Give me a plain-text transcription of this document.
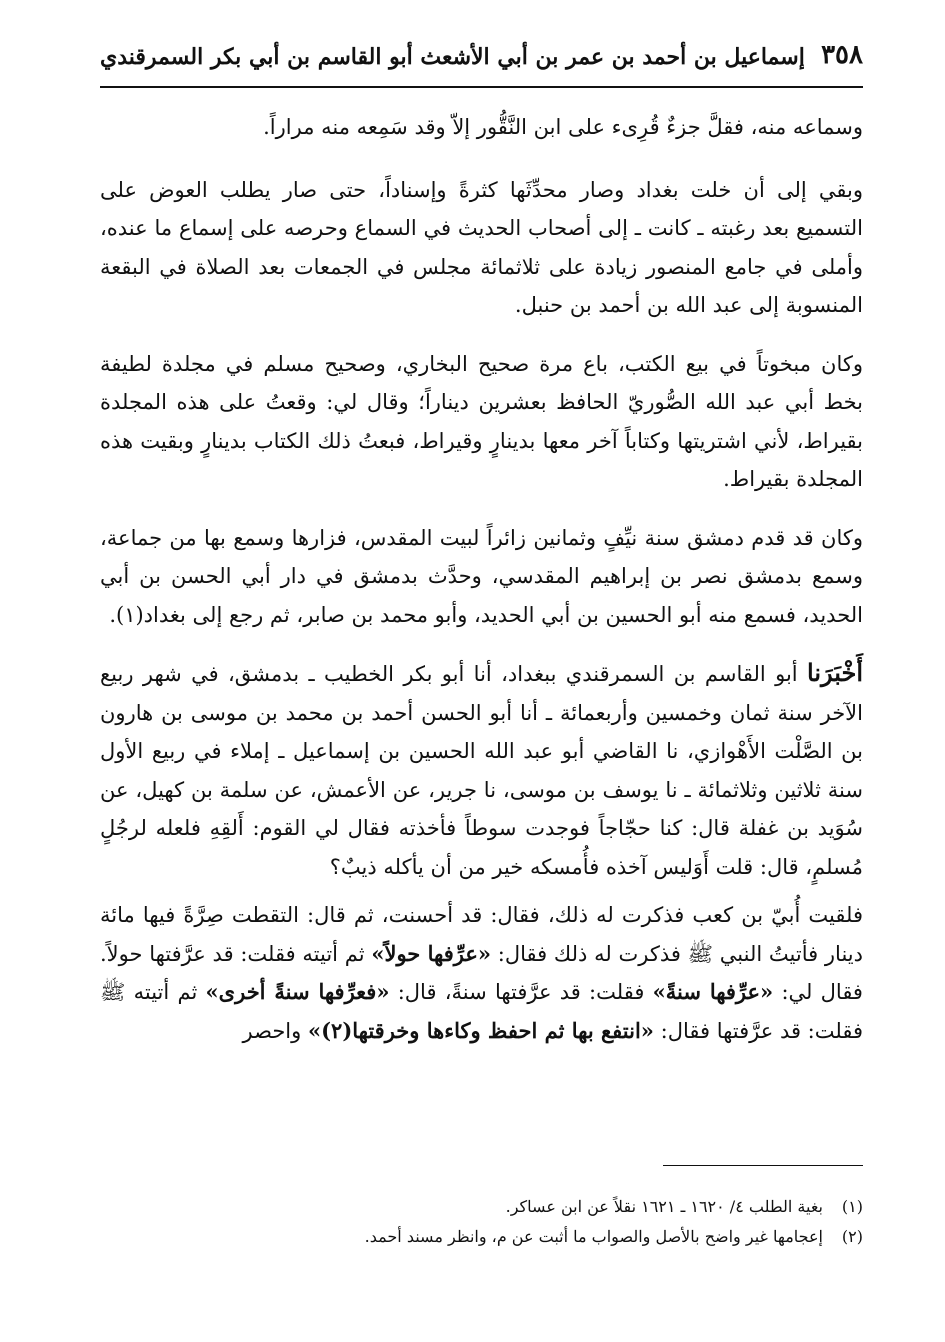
٣٥٨
إسماعيل بن أحمد بن عمر بن أبي الأشعث أبو القاسم بن أبي بكر السمرقندي

وسماعه منه، فقلَّ جزءٌ قُرِىء على ابن النَّقُّور إلاّ وقد سَمِعه منه مراراً.

وبقي إلى أن خلت بغداد وصار محدِّثَها كثرةً وإسناداً، حتى صار يطلب العوض على التسميع بعد رغبته ـ كانت ـ إلى أصحاب الحديث في السماع وحرصه على إسماع ما عنده، وأملى في جامع المنصور زيادة على ثلاثمائة مجلس في الجمعات بعد الصلاة في البقعة المنسوبة إلى عبد الله بن أحمد بن حنبل.

وكان مبخوتاً في بيع الكتب، باع مرة صحيح البخاري، وصحيح مسلم في مجلدة لطيفة بخط أبي عبد الله الصُّوريّ الحافظ بعشرين ديناراً؛ وقال لي: وقعتُ على هذه المجلدة بقيراط، لأني اشتريتها وكتاباً آخر معها بدينارٍ وقيراط، فبعتُ ذلك الكتاب بدينارٍ وبقيت هذه المجلدة بقيراط.

وكان قد قدم دمشق سنة نيِّفٍ وثمانين زائراً لبيت المقدس، فزارها وسمع بها من جماعة، وسمع بدمشق نصر بن إبراهيم المقدسي، وحدَّث بدمشق في دار أبي الحسن بن أبي الحديد، فسمع منه أبو الحسين بن أبي الحديد، وأبو محمد بن صابر، ثم رجع إلى بغداد(١).

أَخْبَرَنا أبو القاسم بن السمرقندي ببغداد، أنا أبو بكر الخطيب ـ بدمشق، في شهر ربيع الآخر سنة ثمان وخمسين وأربعمائة ـ أنا أبو الحسن أحمد بن محمد بن موسى بن هارون بن الصَّلْت الأَهْوازي، نا القاضي أبو عبد الله الحسين بن إسماعيل ـ إملاء في ربيع الأول سنة ثلاثين وثلاثمائة ـ نا يوسف بن موسى، نا جرير، عن الأعمش، عن سلمة بن كهيل، عن سُوَيد بن غفلة قال: كنا حجّاجاً فوجدت سوطاً فأخذته فقال لي القوم: أَلقِهِ فلعله لرجُلٍ مُسلمٍ، قال: قلت أَوَليس آخذه فأُمسكه خير من أن يأكله ذيبٌ؟

فلقيت أُبيّ بن كعب فذكرت له ذلك، فقال: قد أحسنت، ثم قال: التقطت صِرَّةً فيها مائة دينار فأتيتُ النبي ﷺ فذكرت له ذلك فقال: «عرِّفها حولاً» ثم أتيته فقلت: قد عرَّفتها حولاً. فقال لي: «عرِّفها سنةً» فقلت: قد عرَّفتها سنةً، قال: «فعرِّفها سنةً أخرى» ثم أتيته ﷺ فقلت: قد عرَّفتها فقال: «انتفع بها ثم احفظ وكاءها وخرقتها(٢)» واحصر

(١)بغية الطلب ٤/ ١٦٢٠ ـ ١٦٢١ نقلاً عن ابن عساكر.
(٢)إعجامها غير واضح بالأصل والصواب ما أثبت عن م، وانظر مسند أحمد.
